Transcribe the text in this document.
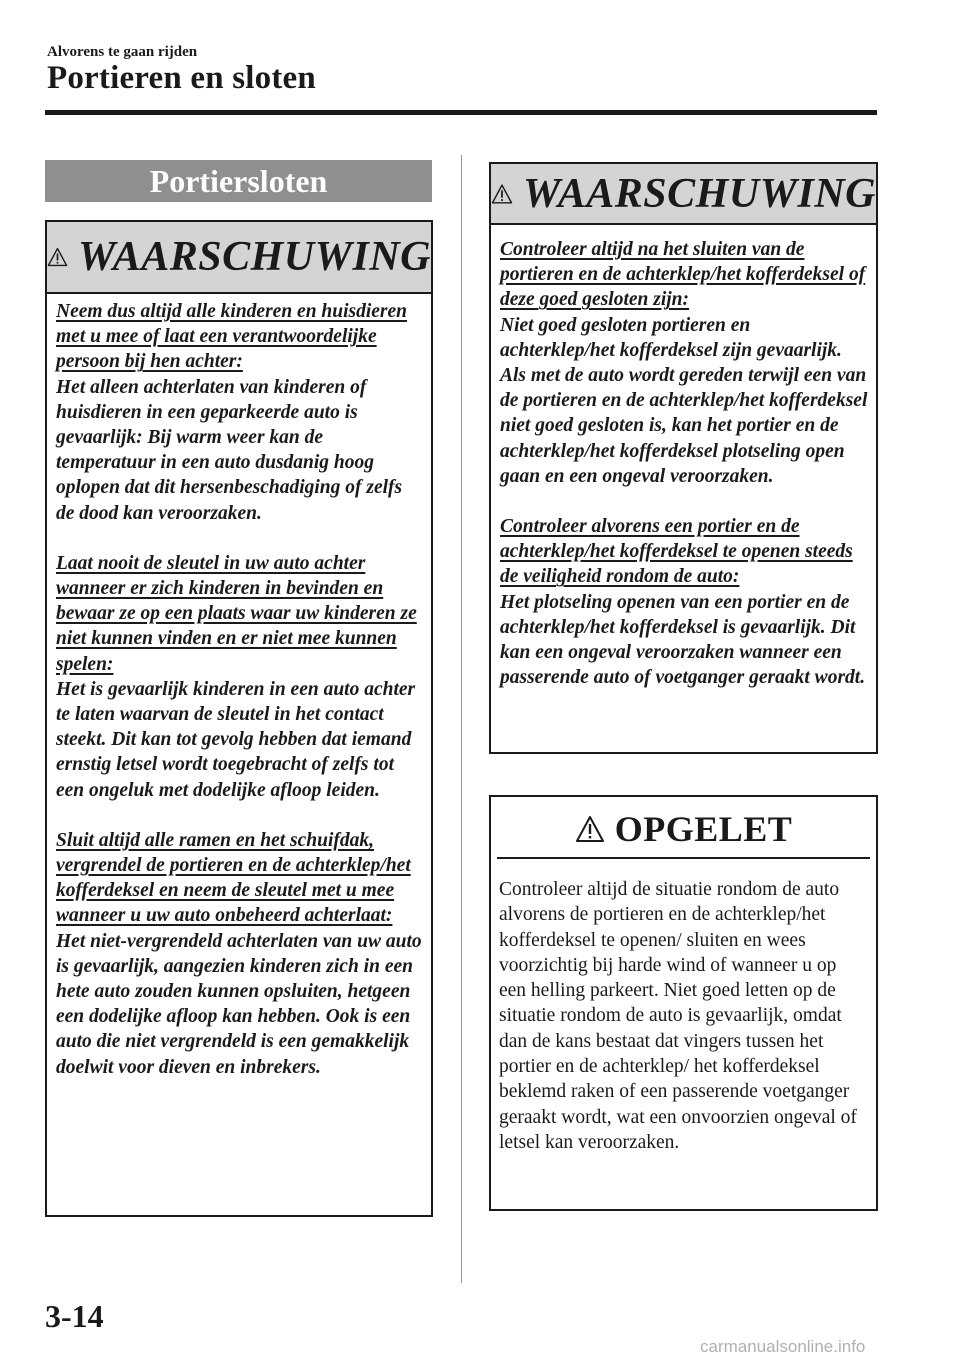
Alvorens te gaan rijden
Portieren en sloten
Portiersloten
WAARSCHUWING

Neem dus altijd alle kinderen en huisdieren met u mee of laat een verantwoordelijke persoon bij hen achter:
Het alleen achterlaten van kinderen of huisdieren in een geparkeerde auto is gevaarlijk: Bij warm weer kan de temperatuur in een auto dusdanig hoog oplopen dat dit hersenbeschadiging of zelfs de dood kan veroorzaken.

Laat nooit de sleutel in uw auto achter wanneer er zich kinderen in bevinden en bewaar ze op een plaats waar uw kinderen ze niet kunnen vinden en er niet mee kunnen spelen:
Het is gevaarlijk kinderen in een auto achter te laten waarvan de sleutel in het contact steekt. Dit kan tot gevolg hebben dat iemand ernstig letsel wordt toegebracht of zelfs tot een ongeluk met dodelijke afloop leiden.

Sluit altijd alle ramen en het schuifdak, vergrendel de portieren en de achterklep/het kofferdeksel en neem de sleutel met u mee wanneer u uw auto onbeheerd achterlaat:
Het niet-vergrendeld achterlaten van uw auto is gevaarlijk, aangezien kinderen zich in een hete auto zouden kunnen opsluiten, hetgeen een dodelijke afloop kan hebben. Ook is een auto die niet vergrendeld is een gemakkelijk doelwit voor dieven en inbrekers.

WAARSCHUWING

Controleer altijd na het sluiten van de portieren en de achterklep/het kofferdeksel of deze goed gesloten zijn:
Niet goed gesloten portieren en achterklep/het kofferdeksel zijn gevaarlijk. Als met de auto wordt gereden terwijl een van de portieren en de achterklep/het kofferdeksel niet goed gesloten is, kan het portier en de achterklep/het kofferdeksel plotseling open gaan en een ongeval veroorzaken.

Controleer alvorens een portier en de achterklep/het kofferdeksel te openen steeds de veiligheid rondom de auto:
Het plotseling openen van een portier en de achterklep/het kofferdeksel is gevaarlijk. Dit kan een ongeval veroorzaken wanneer een passerende auto of voetganger geraakt wordt.

OPGELET
Controleer altijd de situatie rondom de auto alvorens de portieren en de achterklep/het kofferdeksel te openen/ sluiten en wees voorzichtig bij harde wind of wanneer u op een helling parkeert. Niet goed letten op de situatie rondom de auto is gevaarlijk, omdat dan de kans bestaat dat vingers tussen het portier en de achterklep/ het kofferdeksel beklemd raken of een passerende voetganger geraakt wordt, wat een onvoorzien ongeval of letsel kan veroorzaken.
3-14
carmanualsonline.info
